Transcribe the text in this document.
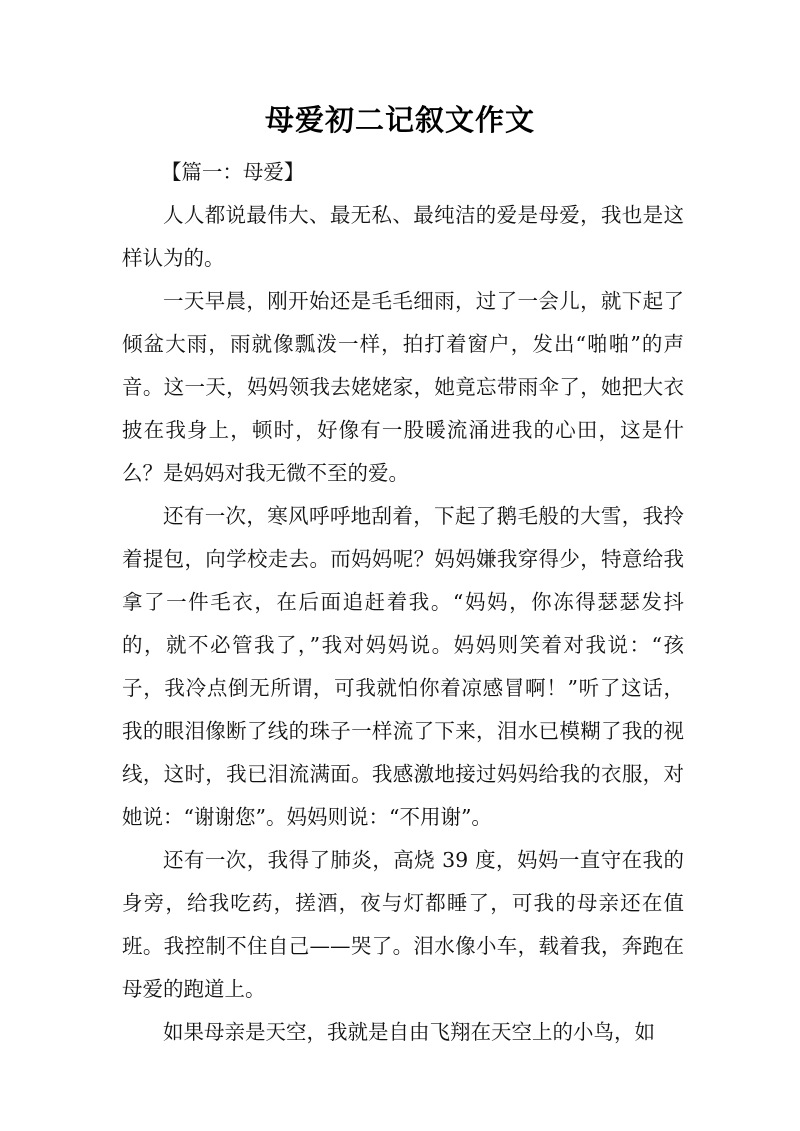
母爱初二记叙文作文

【篇一：母爱】

人人都说最伟大、最无私、最纯洁的爱是母爱，我也是这样认为的。

一天早晨，刚开始还是毛毛细雨，过了一会儿，就下起了倾盆大雨，雨就像瓢泼一样，拍打着窗户，发出“啪啪”的声音。这一天，妈妈领我去姥姥家，她竟忘带雨伞了，她把大衣披在我身上，顿时，好像有一股暖流涌进我的心田，这是什么？是妈妈对我无微不至的爱。

还有一次，寒风呼呼地刮着，下起了鹅毛般的大雪，我拎着提包，向学校走去。而妈妈呢？妈妈嫌我穿得少，特意给我拿了一件毛衣，在后面追赶着我。“妈妈，你冻得瑟瑟发抖的，就不必管我了，”我对妈妈说。妈妈则笑着对我说：“孩子，我冷点倒无所谓，可我就怕你着凉感冒啊！”听了这话，我的眼泪像断了线的珠子一样流了下来，泪水已模糊了我的视线，这时，我已泪流满面。我感激地接过妈妈给我的衣服，对她说：“谢谢您”。妈妈则说：“不用谢”。

还有一次，我得了肺炎，高烧 39 度，妈妈一直守在我的身旁，给我吃药，搓酒，夜与灯都睡了，可我的母亲还在值班。我控制不住自己——哭了。泪水像小车，载着我，奔跑在母爱的跑道上。

如果母亲是天空，我就是自由飞翔在天空上的小鸟，如
